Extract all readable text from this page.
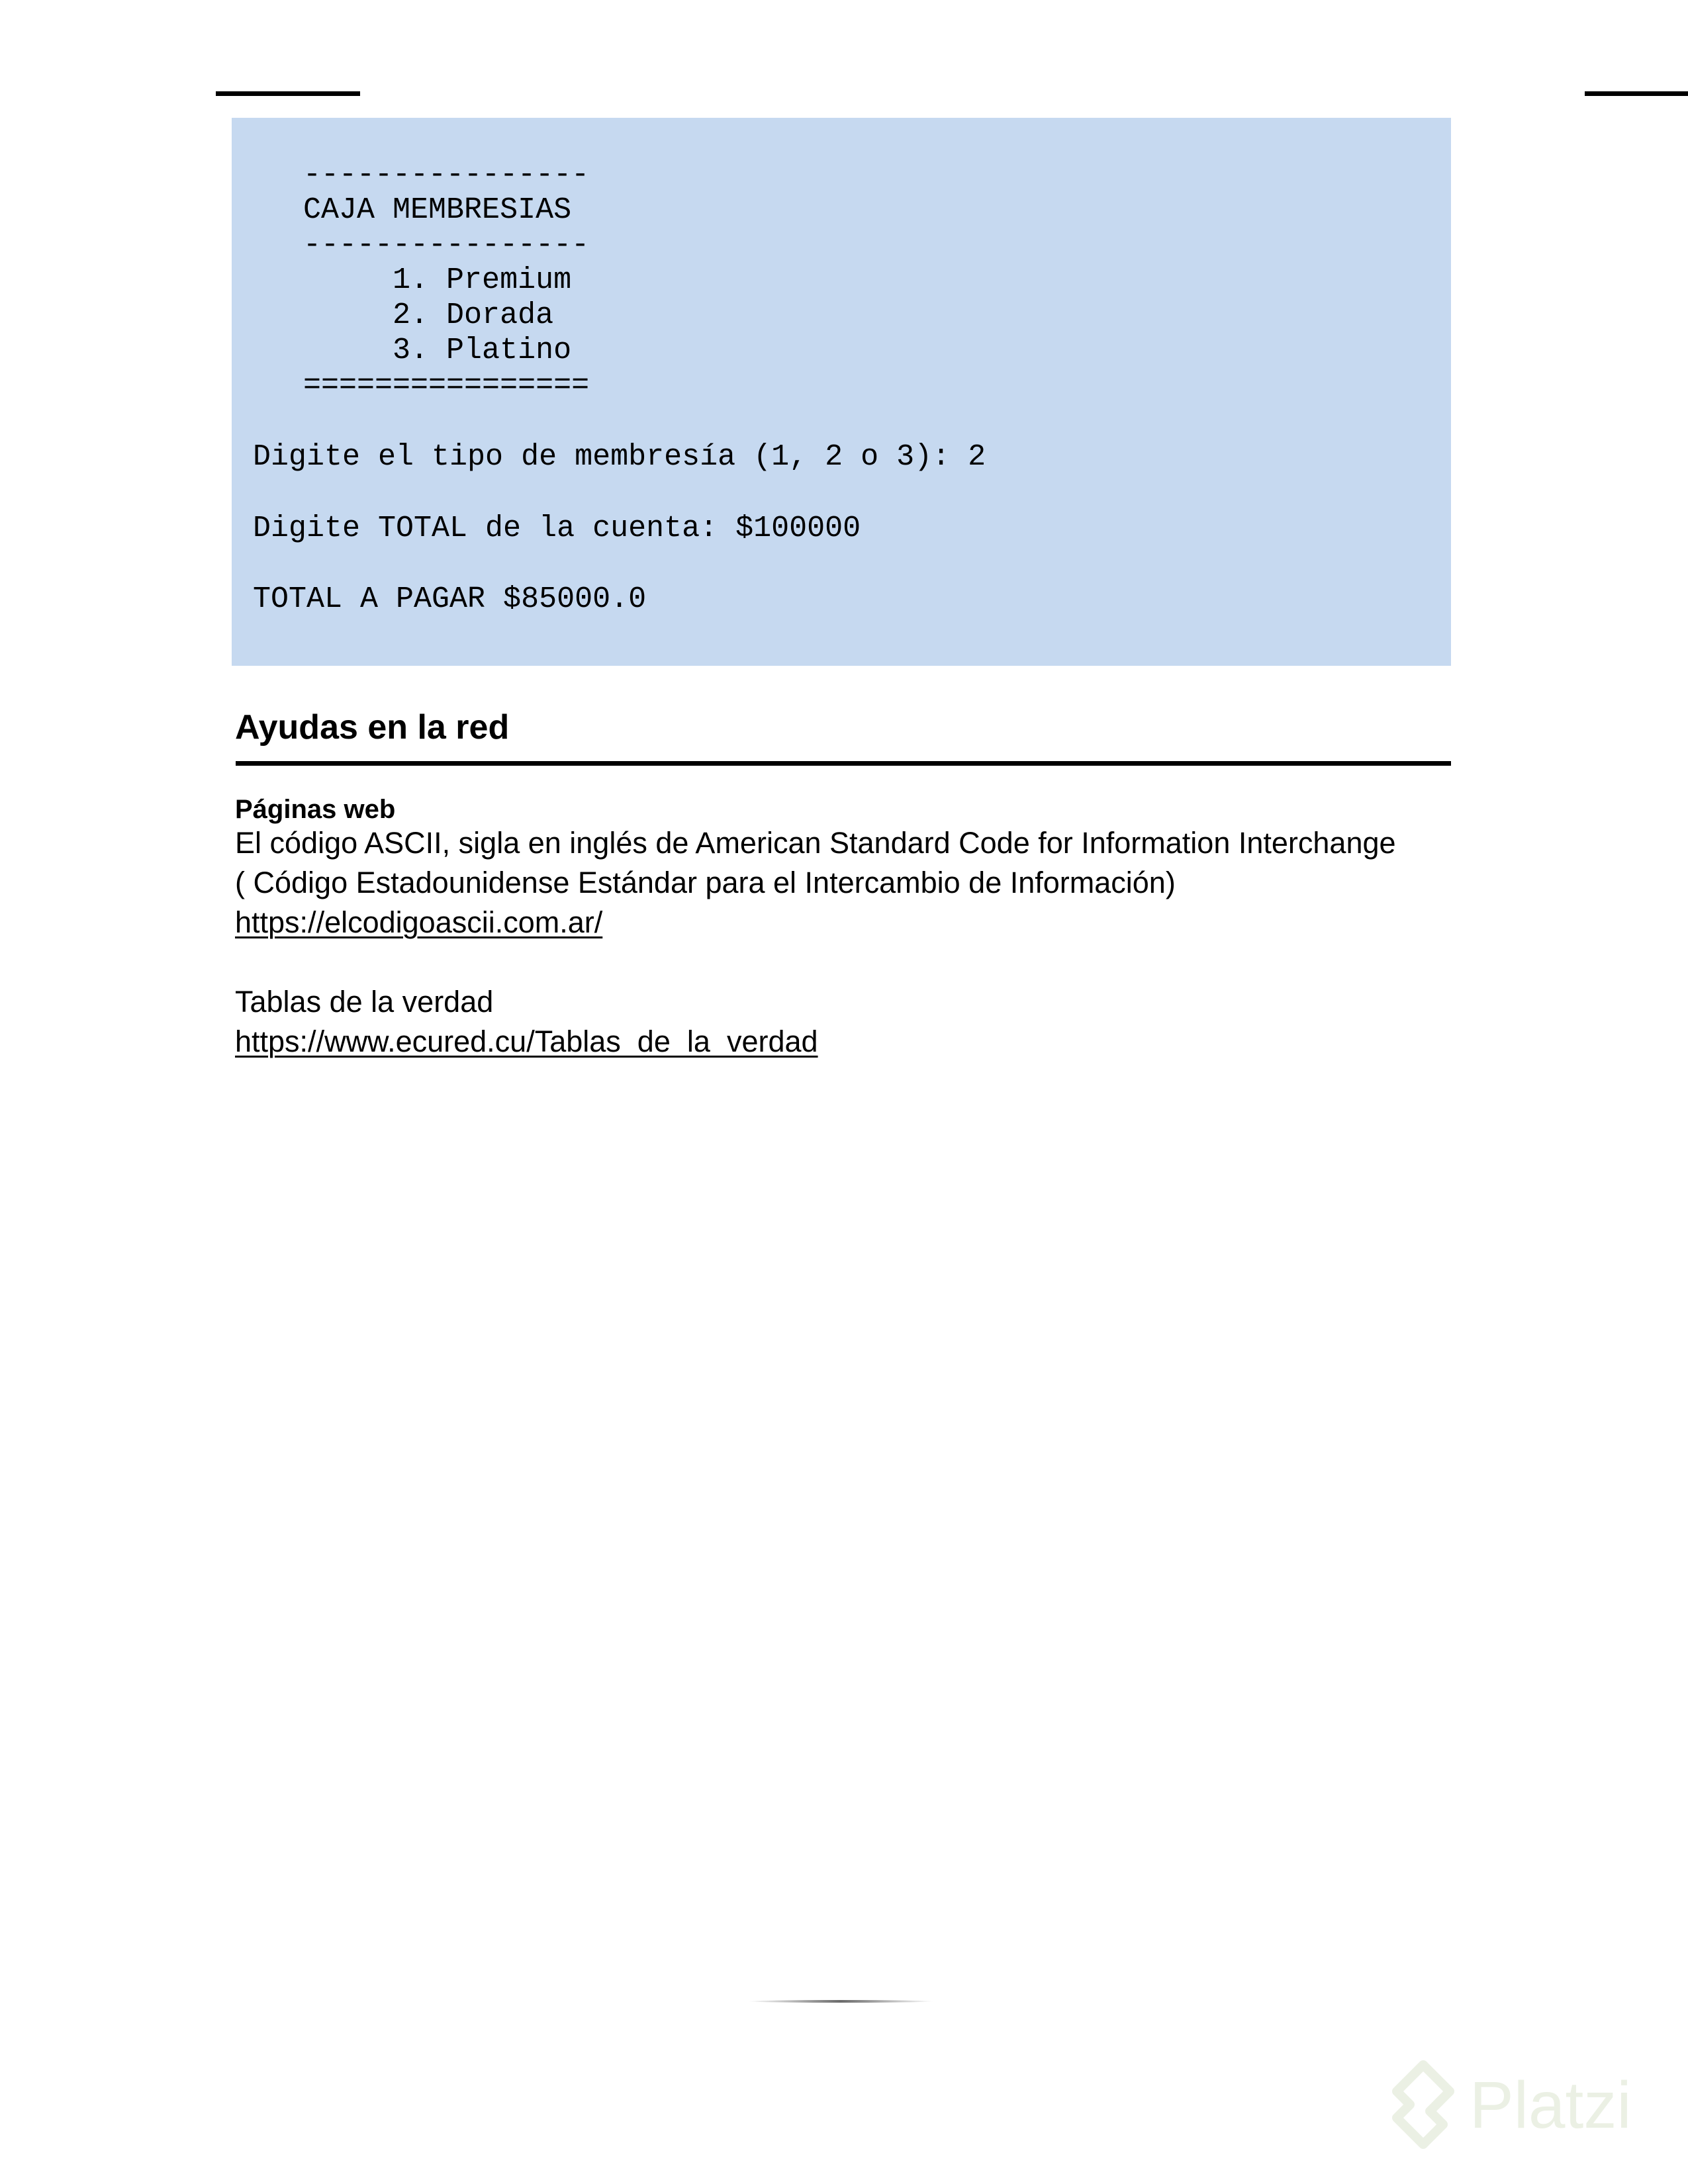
----------------

CAJA MEMBRESIAS

----------------

1. Premium

2. Dorada

3. Platino

================

Digite el tipo de membresía (1, 2 o 3): 2

Digite TOTAL de la cuenta: $100000

TOTAL A PAGAR $85000.0

Ayudas en la red

Páginas web

El código ASCII, sigla en inglés de American Standard Code for Information Interchange

( Código Estadounidense Estándar para el Intercambio de Información)

https://elcodigoascii.com.ar/

Tablas de la verdad

https://www.ecured.cu/Tablas_de_la_verdad

Platzi
